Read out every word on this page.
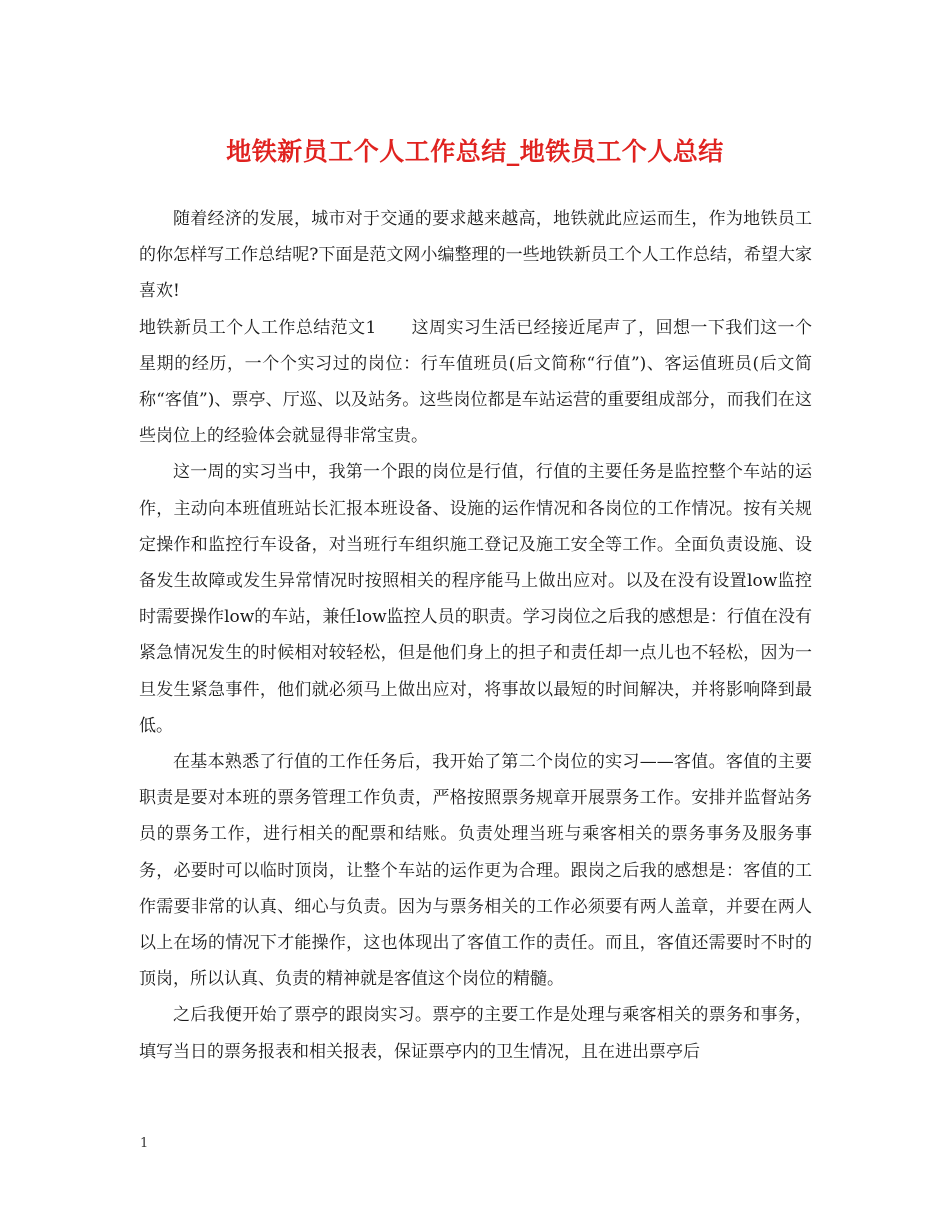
地铁新员工个人工作总结_地铁员工个人总结

随着经济的发展，城市对于交通的要求越来越高，地铁就此应运而生，作为地铁员工的你怎样写工作总结呢?下面是范文网小编整理的一些地铁新员工个人工作总结，希望大家喜欢!

地铁新员工个人工作总结范文1　　这周实习生活已经接近尾声了，回想一下我们这一个星期的经历，一个个实习过的岗位：行车值班员(后文简称“行值”)、客运值班员(后文简称“客值”)、票亭、厅巡、以及站务。这些岗位都是车站运营的重要组成部分，而我们在这些岗位上的经验体会就显得非常宝贵。

这一周的实习当中，我第一个跟的岗位是行值，行值的主要任务是监控整个车站的运作，主动向本班值班站长汇报本班设备、设施的运作情况和各岗位的工作情况。按有关规定操作和监控行车设备，对当班行车组织施工登记及施工安全等工作。全面负责设施、设备发生故障或发生异常情况时按照相关的程序能马上做出应对。以及在没有设置low监控时需要操作low的车站，兼任low监控人员的职责。学习岗位之后我的感想是：行值在没有紧急情况发生的时候相对较轻松，但是他们身上的担子和责任却一点儿也不轻松，因为一旦发生紧急事件，他们就必须马上做出应对，将事故以最短的时间解决，并将影响降到最低。

在基本熟悉了行值的工作任务后，我开始了第二个岗位的实习——客值。客值的主要职责是要对本班的票务管理工作负责，严格按照票务规章开展票务工作。安排并监督站务员的票务工作，进行相关的配票和结账。负责处理当班与乘客相关的票务事务及服务事务，必要时可以临时顶岗，让整个车站的运作更为合理。跟岗之后我的感想是：客值的工作需要非常的认真、细心与负责。因为与票务相关的工作必须要有两人盖章，并要在两人以上在场的情况下才能操作，这也体现出了客值工作的责任。而且，客值还需要时不时的顶岗，所以认真、负责的精神就是客值这个岗位的精髓。

之后我便开始了票亭的跟岗实习。票亭的主要工作是处理与乘客相关的票务和事务，填写当日的票务报表和相关报表，保证票亭内的卫生情况，且在进出票亭后

1
